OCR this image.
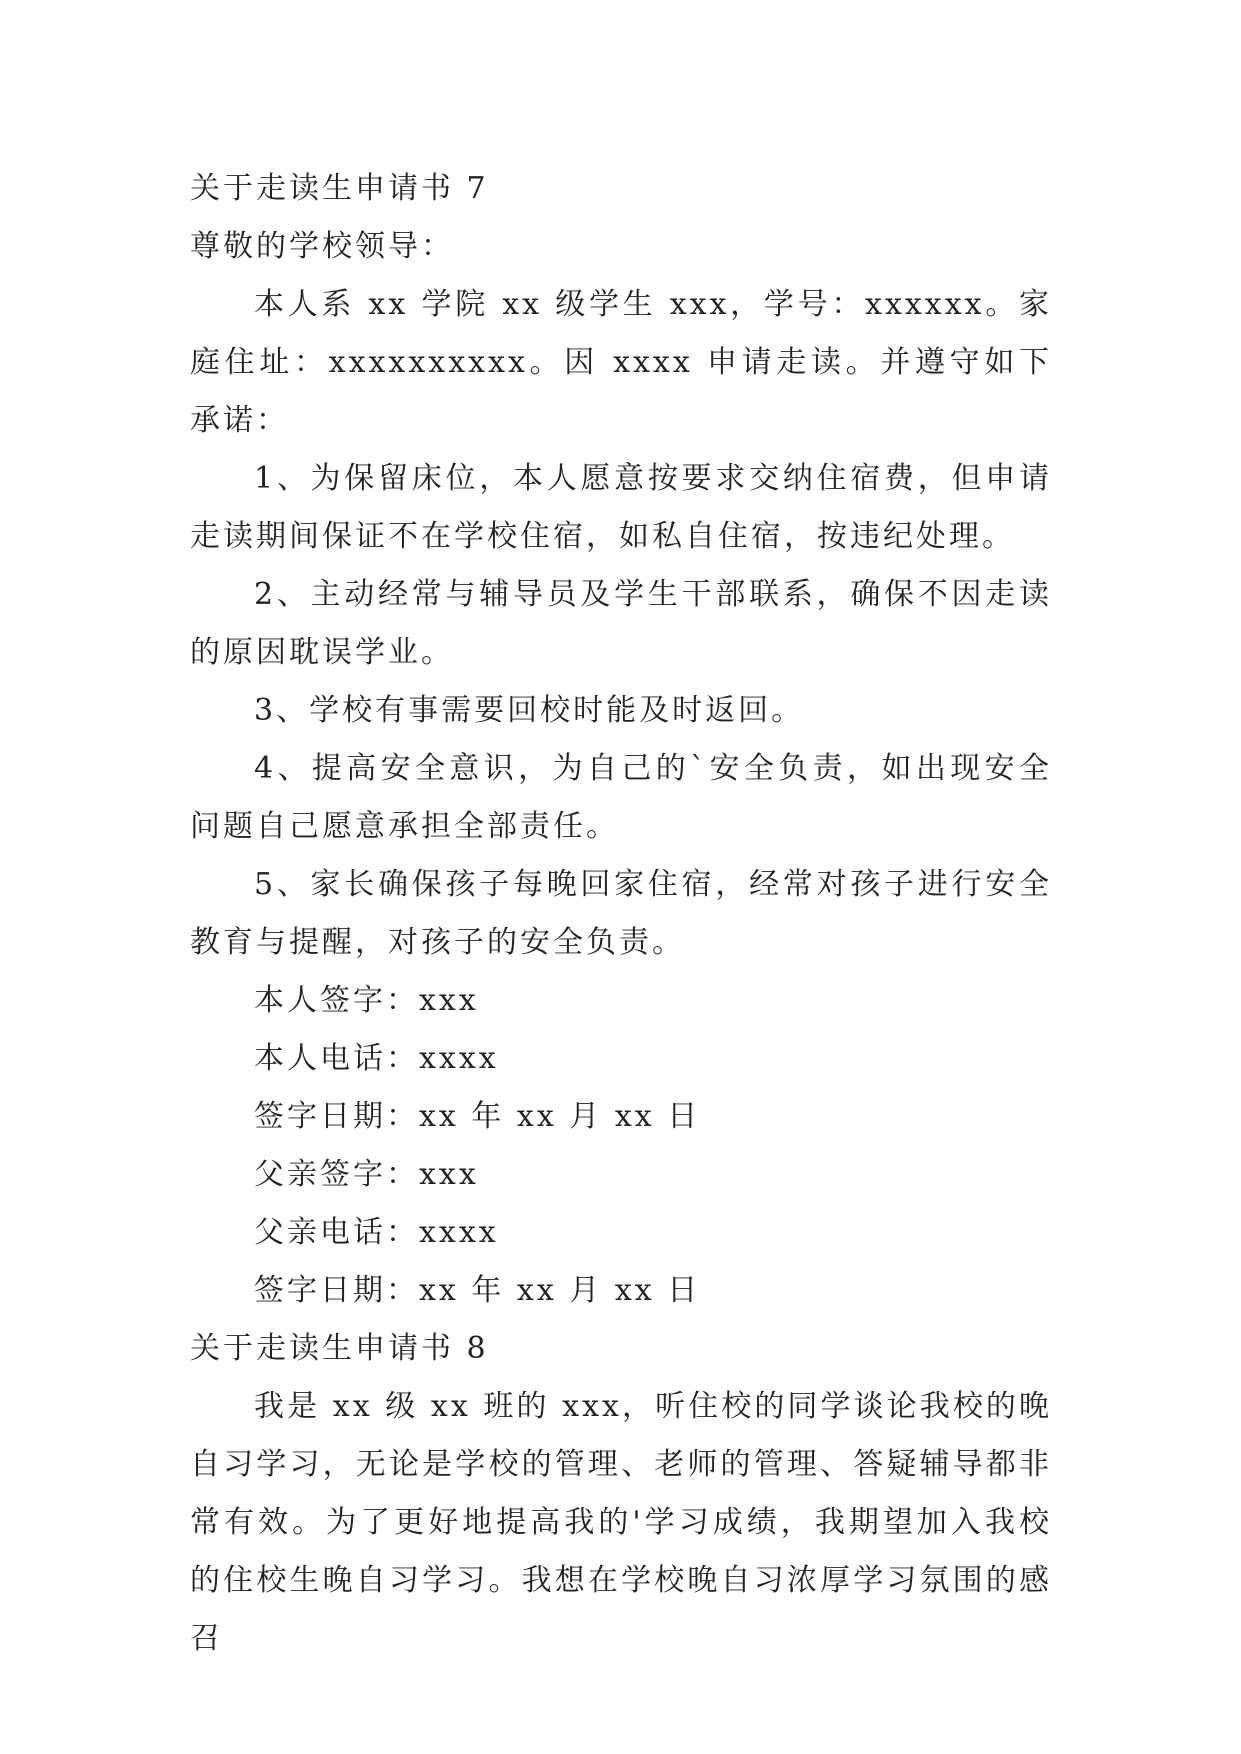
关于走读生申请书 7
尊敬的学校领导：

本人系 xx 学院 xx 级学生 xxx，学号：xxxxxx。家庭住址：xxxxxxxxxx。因 xxxx 申请走读。并遵守如下承诺：

1、为保留床位，本人愿意按要求交纳住宿费，但申请走读期间保证不在学校住宿，如私自住宿，按违纪处理。

2、主动经常与辅导员及学生干部联系，确保不因走读的原因耽误学业。

3、学校有事需要回校时能及时返回。

4、提高安全意识，为自己的`安全负责，如出现安全问题自己愿意承担全部责任。

5、家长确保孩子每晚回家住宿，经常对孩子进行安全教育与提醒，对孩子的安全负责。

本人签字：xxx
本人电话：xxxx
签字日期：xx 年 xx 月 xx 日
父亲签字：xxx
父亲电话：xxxx
签字日期：xx 年 xx 月 xx 日
关于走读生申请书 8

我是 xx 级 xx 班的 xxx，听住校的同学谈论我校的晚自习学习，无论是学校的管理、老师的管理、答疑辅导都非常有效。为了更好地提高我的'学习成绩，我期望加入我校的住校生晚自习学习。我想在学校晚自习浓厚学习氛围的感召
